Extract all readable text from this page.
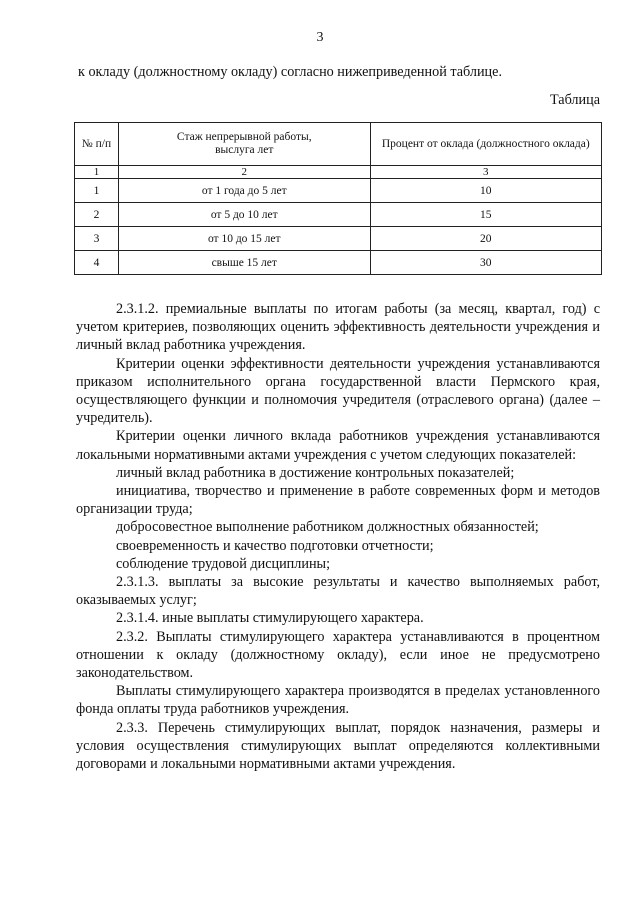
3
к окладу (должностному окладу) согласно нижеприведенной таблице.
Таблица
№ п/п	Стаж непрерывной работы, выслуга лет	Процент от оклада (должностного оклада)
1	2	3
1	от 1 года до 5 лет	10
2	от 5 до 10 лет	15
3	от 10 до 15 лет	20
4	свыше 15 лет	30

2.3.1.2. премиальные выплаты по итогам работы (за месяц, квартал, год) с учетом критериев, позволяющих оценить эффективность деятельности учреждения и личный вклад работника учреждения.

Критерии оценки эффективности деятельности учреждения устанавливаются приказом исполнительного органа государственной власти Пермского края, осуществляющего функции и полномочия учредителя (отраслевого органа) (далее – учредитель).

Критерии оценки личного вклада работников учреждения устанавливаются локальными нормативными актами учреждения с учетом следующих показателей:

личный вклад работника в достижение контрольных показателей;

инициатива, творчество и применение в работе современных форм и методов организации труда;

добросовестное выполнение работником должностных обязанностей;

своевременность и качество подготовки отчетности;

соблюдение трудовой дисциплины;

2.3.1.3. выплаты за высокие результаты и качество выполняемых работ, оказываемых услуг;

2.3.1.4. иные выплаты стимулирующего характера.

2.3.2. Выплаты стимулирующего характера устанавливаются в процентном отношении к окладу (должностному окладу), если иное не предусмотрено законодательством.

Выплаты стимулирующего характера производятся в пределах установленного фонда оплаты труда работников учреждения.

2.3.3. Перечень стимулирующих выплат, порядок назначения, размеры и условия осуществления стимулирующих выплат определяются коллективными договорами и локальными нормативными актами учреждения.
